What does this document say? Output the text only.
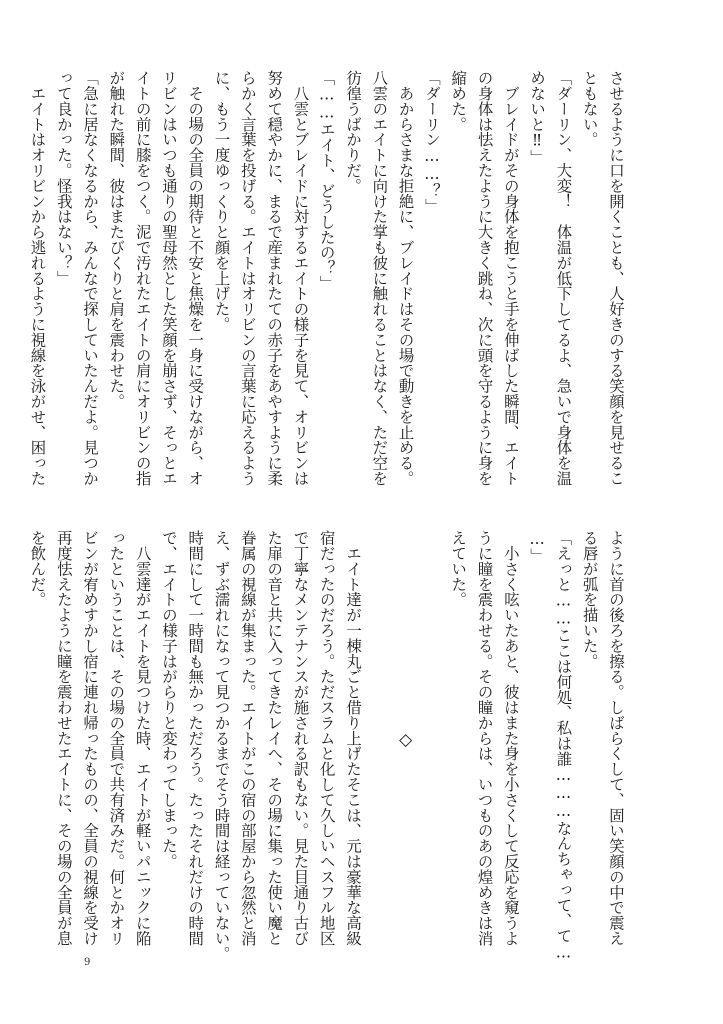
させるように口を開くことも、人好きのする笑顔を見せるこ
ともない。
「ダーリン、大変！　体温が低下してるよ、急いで身体を温
めないと‼」
　ブレイドがその身体を抱こうと手を伸ばした瞬間、エイト
の身体は怯えたように大きく跳ね、次に頭を守るように身を
縮めた。
「ダーリン……？」
　あからさまな拒絶に、ブレイドはその場で動きを止める。
八雲のエイトに向けた掌も彼に触れることはなく、ただ空を
彷徨うばかりだ。
「……エイト、どうしたの？」
　八雲とブレイドに対するエイトの様子を見て、オリビンは
努めて穏やかに、まるで産まれたての赤子をあやすように柔
らかく言葉を投げる。エイトはオリビンの言葉に応えるよう
に、もう一度ゆっくりと顔を上げた。
　その場の全員の期待と不安と焦燥を一身に受けながら、オ
リビンはいつも通りの聖母然とした笑顔を崩さず、そっとエ
イトの前に膝をつく。泥で汚れたエイトの肩にオリビンの指
が触れた瞬間、彼はまたびくりと肩を震わせた。
「急に居なくなるから、みんなで探していたんだよ。見つか
って良かった。怪我はない？」
　エイトはオリビンから逃れるように視線を泳がせ、困った
ように首の後ろを擦る。しばらくして、固い笑顔の中で震え
る唇が弧を描いた。
「えっと……ここは何処、私は誰………なんちゃって、て…
…」
　小さく呟いたあと、彼はまた身を小さくして反応を窺うよ
うに瞳を震わせる。その瞳からは、いつものあの煌めきは消
えていた。

◇

　エイト達が一棟丸ごと借り上げたそこは、元は豪華な高級
宿だったのだろう。ただスラムと化して久しいヘスフル地区
で丁寧なメンテナンスが施される訳もない。見た目通り古び
た扉の音と共に入ってきたレイへ、その場に集った使い魔と
眷属の視線が集まった。エイトがこの宿の部屋から忽然と消
え、ずぶ濡れになって見つかるまでそう時間は経っていない。
時間にして一時間も無かっただろう。たったそれだけの時間
で、エイトの様子はがらりと変わってしまった。
　八雲達がエイトを見つけた時、エイトが軽いパニックに陥
ったということは、その場の全員で共有済みだ。何とかオリ
ビンが宥めすかし宿に連れ帰ったものの、全員の視線を受け
再度怯えたように瞳を震わせたエイトに、その場の全員が息
を飲んだ。
9
